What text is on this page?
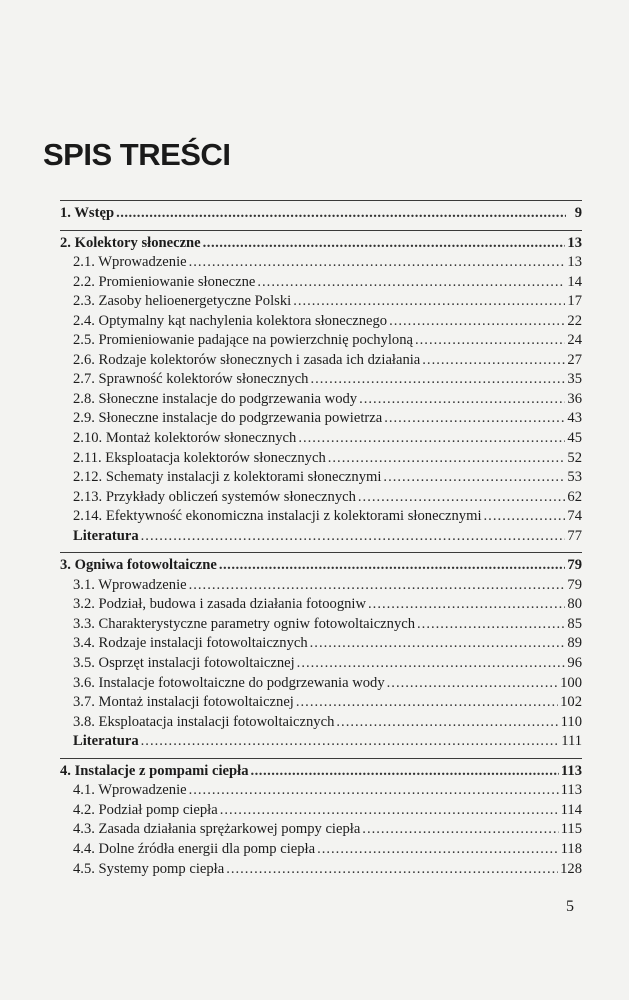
SPIS TREŚCI
1. Wstęp .....	9
2. Kolektory słoneczne .....	13
2.1. Wprowadzenie .....	13
2.2. Promieniowanie słoneczne .....	14
2.3. Zasoby helioenergetyczne Polski .....	17
2.4. Optymalny kąt nachylenia kolektora słonecznego .....	22
2.5. Promieniowanie padające na powierzchnię pochyloną .....	24
2.6. Rodzaje kolektorów słonecznych i zasada ich działania .....	27
2.7. Sprawność kolektorów słonecznych .....	35
2.8. Słoneczne instalacje do podgrzewania wody .....	36
2.9. Słoneczne instalacje do podgrzewania powietrza .....	43
2.10. Montaż kolektorów słonecznych .....	45
2.11. Eksploatacja kolektorów słonecznych .....	52
2.12. Schematy instalacji z kolektorami słonecznymi .....	53
2.13. Przykłady obliczeń systemów słonecznych .....	62
2.14. Efektywność ekonomiczna instalacji z kolektorami słonecznymi .....	74
Literatura .....	77
3. Ogniwa fotowoltaiczne .....	79
3.1. Wprowadzenie .....	79
3.2. Podział, budowa i zasada działania fotoogniw .....	80
3.3. Charakterystyczne parametry ogniw fotowoltaicznych .....	85
3.4. Rodzaje instalacji fotowoltaicznych .....	89
3.5. Osprzęt instalacji fotowoltaicznej .....	96
3.6. Instalacje fotowoltaiczne do podgrzewania wody .....	100
3.7. Montaż instalacji fotowoltaicznej .....	102
3.8. Eksploatacja instalacji fotowoltaicznych .....	110
Literatura .....	111
4. Instalacje z pompami ciepła .....	113
4.1. Wprowadzenie .....	113
4.2. Podział pomp ciepła .....	114
4.3. Zasada działania sprężarkowej pompy ciepła .....	115
4.4. Dolne źródła energii dla pomp ciepła .....	118
4.5. Systemy pomp ciepła .....	128

5
